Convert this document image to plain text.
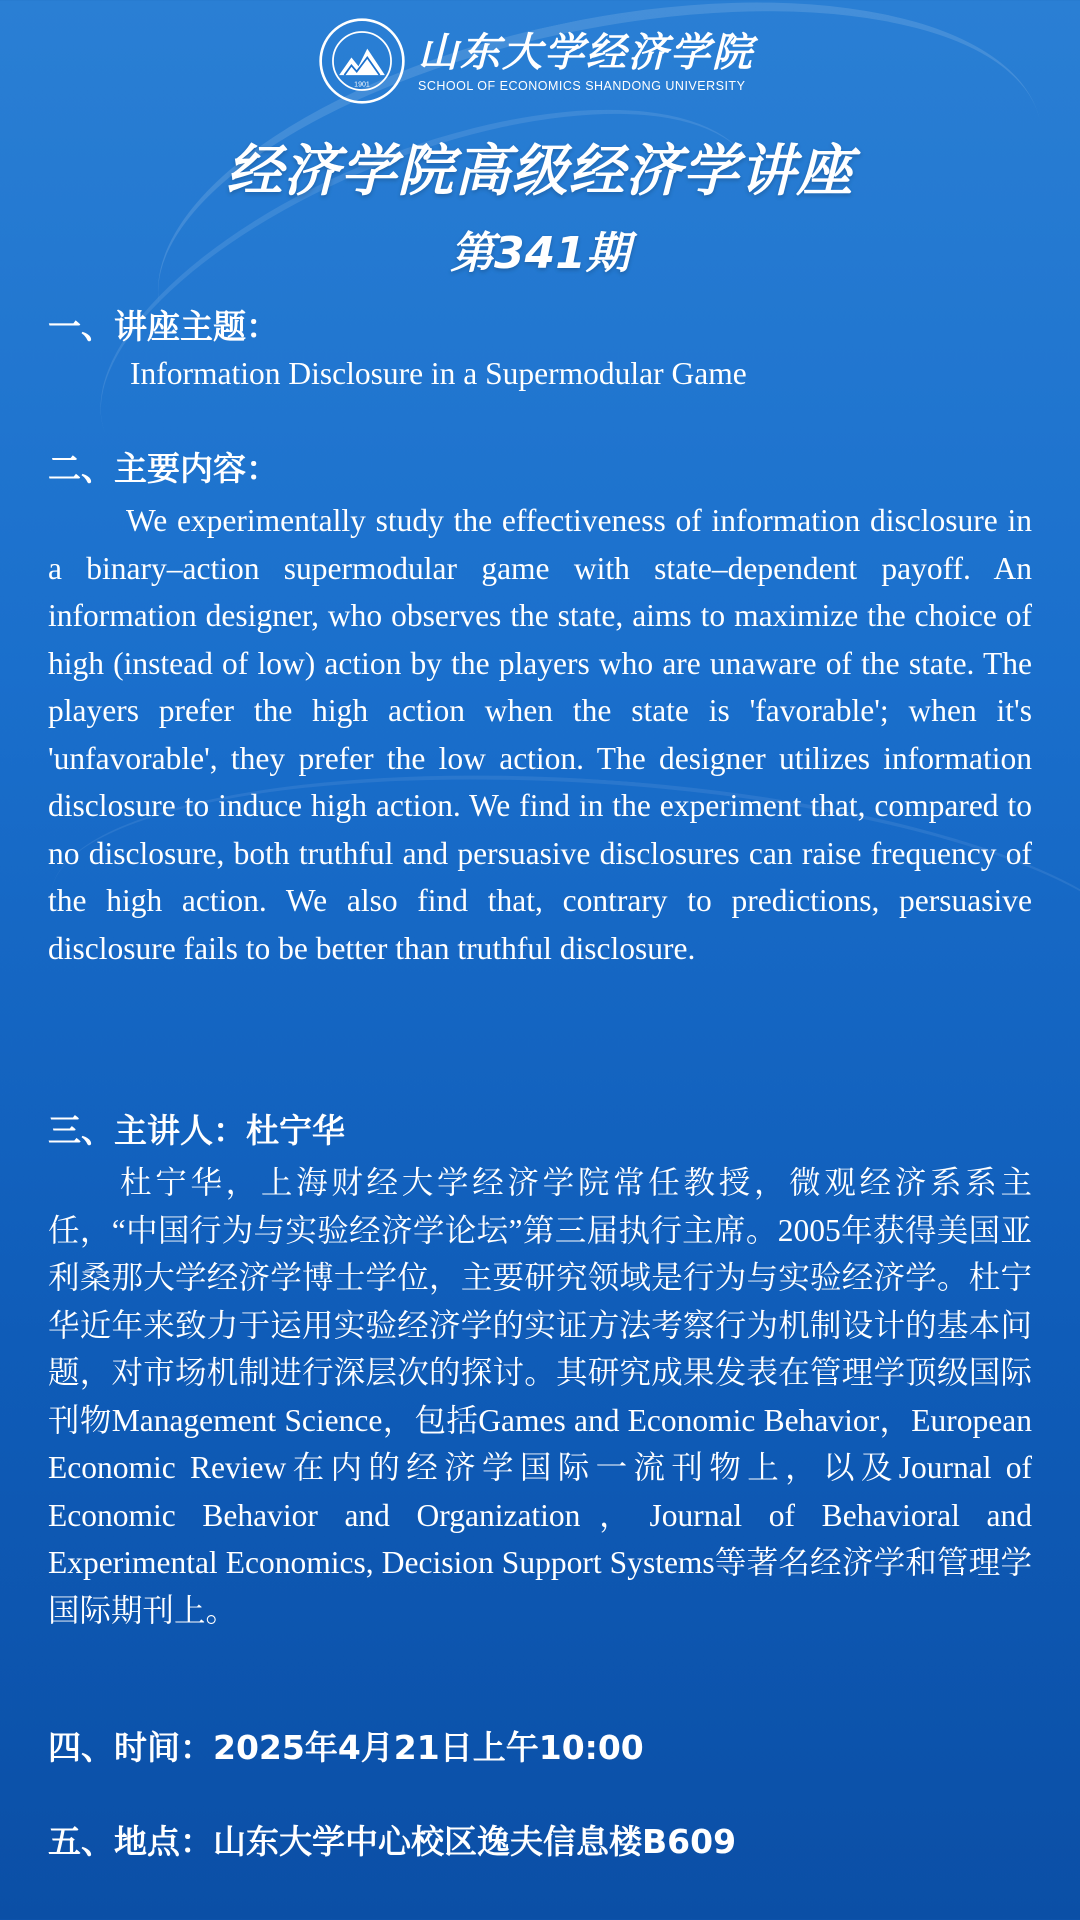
1901
山东大学经济学院
SCHOOL OF ECONOMICS SHANDONG UNIVERSITY
经济学院高级经济学讲座
第341期
一、讲座主题：
Information Disclosure in a Supermodular Game
二、主要内容：
We experimentally study the effectiveness of information disclosure in a binary–action supermodular game with state–dependent payoff. An information designer, who observes the state, aims to maximize the choice of high (instead of low) action by the players who are unaware of the state. The players prefer the high action when the state is 'favorable'; when it's 'unfavorable', they prefer the low action. The designer utilizes information disclosure to induce high action. We find in the experiment that, compared to no disclosure, both truthful and persuasive disclosures can raise frequency of the high action. We also find that, contrary to predictions, persuasive disclosure fails to be better than truthful disclosure.
三、主讲人：杜宁华
杜宁华，上海财经大学经济学院常任教授，微观经济系系主任，“中国行为与实验经济学论坛”第三届执行主席。2005年获得美国亚利桑那大学经济学博士学位，主要研究领域是行为与实验经济学。杜宁华近年来致力于运用实验经济学的实证方法考察行为机制设计的基本问题，对市场机制进行深层次的探讨。其研究成果发表在管理学顶级国际刊物Management Science，包括Games and Economic Behavior，European Economic Review在内的经济学国际一流刊物上，以及Journal of Economic Behavior and Organization，Journal of Behavioral and Experimental Economics, Decision Support Systems等著名经济学和管理学国际期刊上。
四、时间：2025年4月21日上午10:00
五、地点：山东大学中心校区逸夫信息楼B609
